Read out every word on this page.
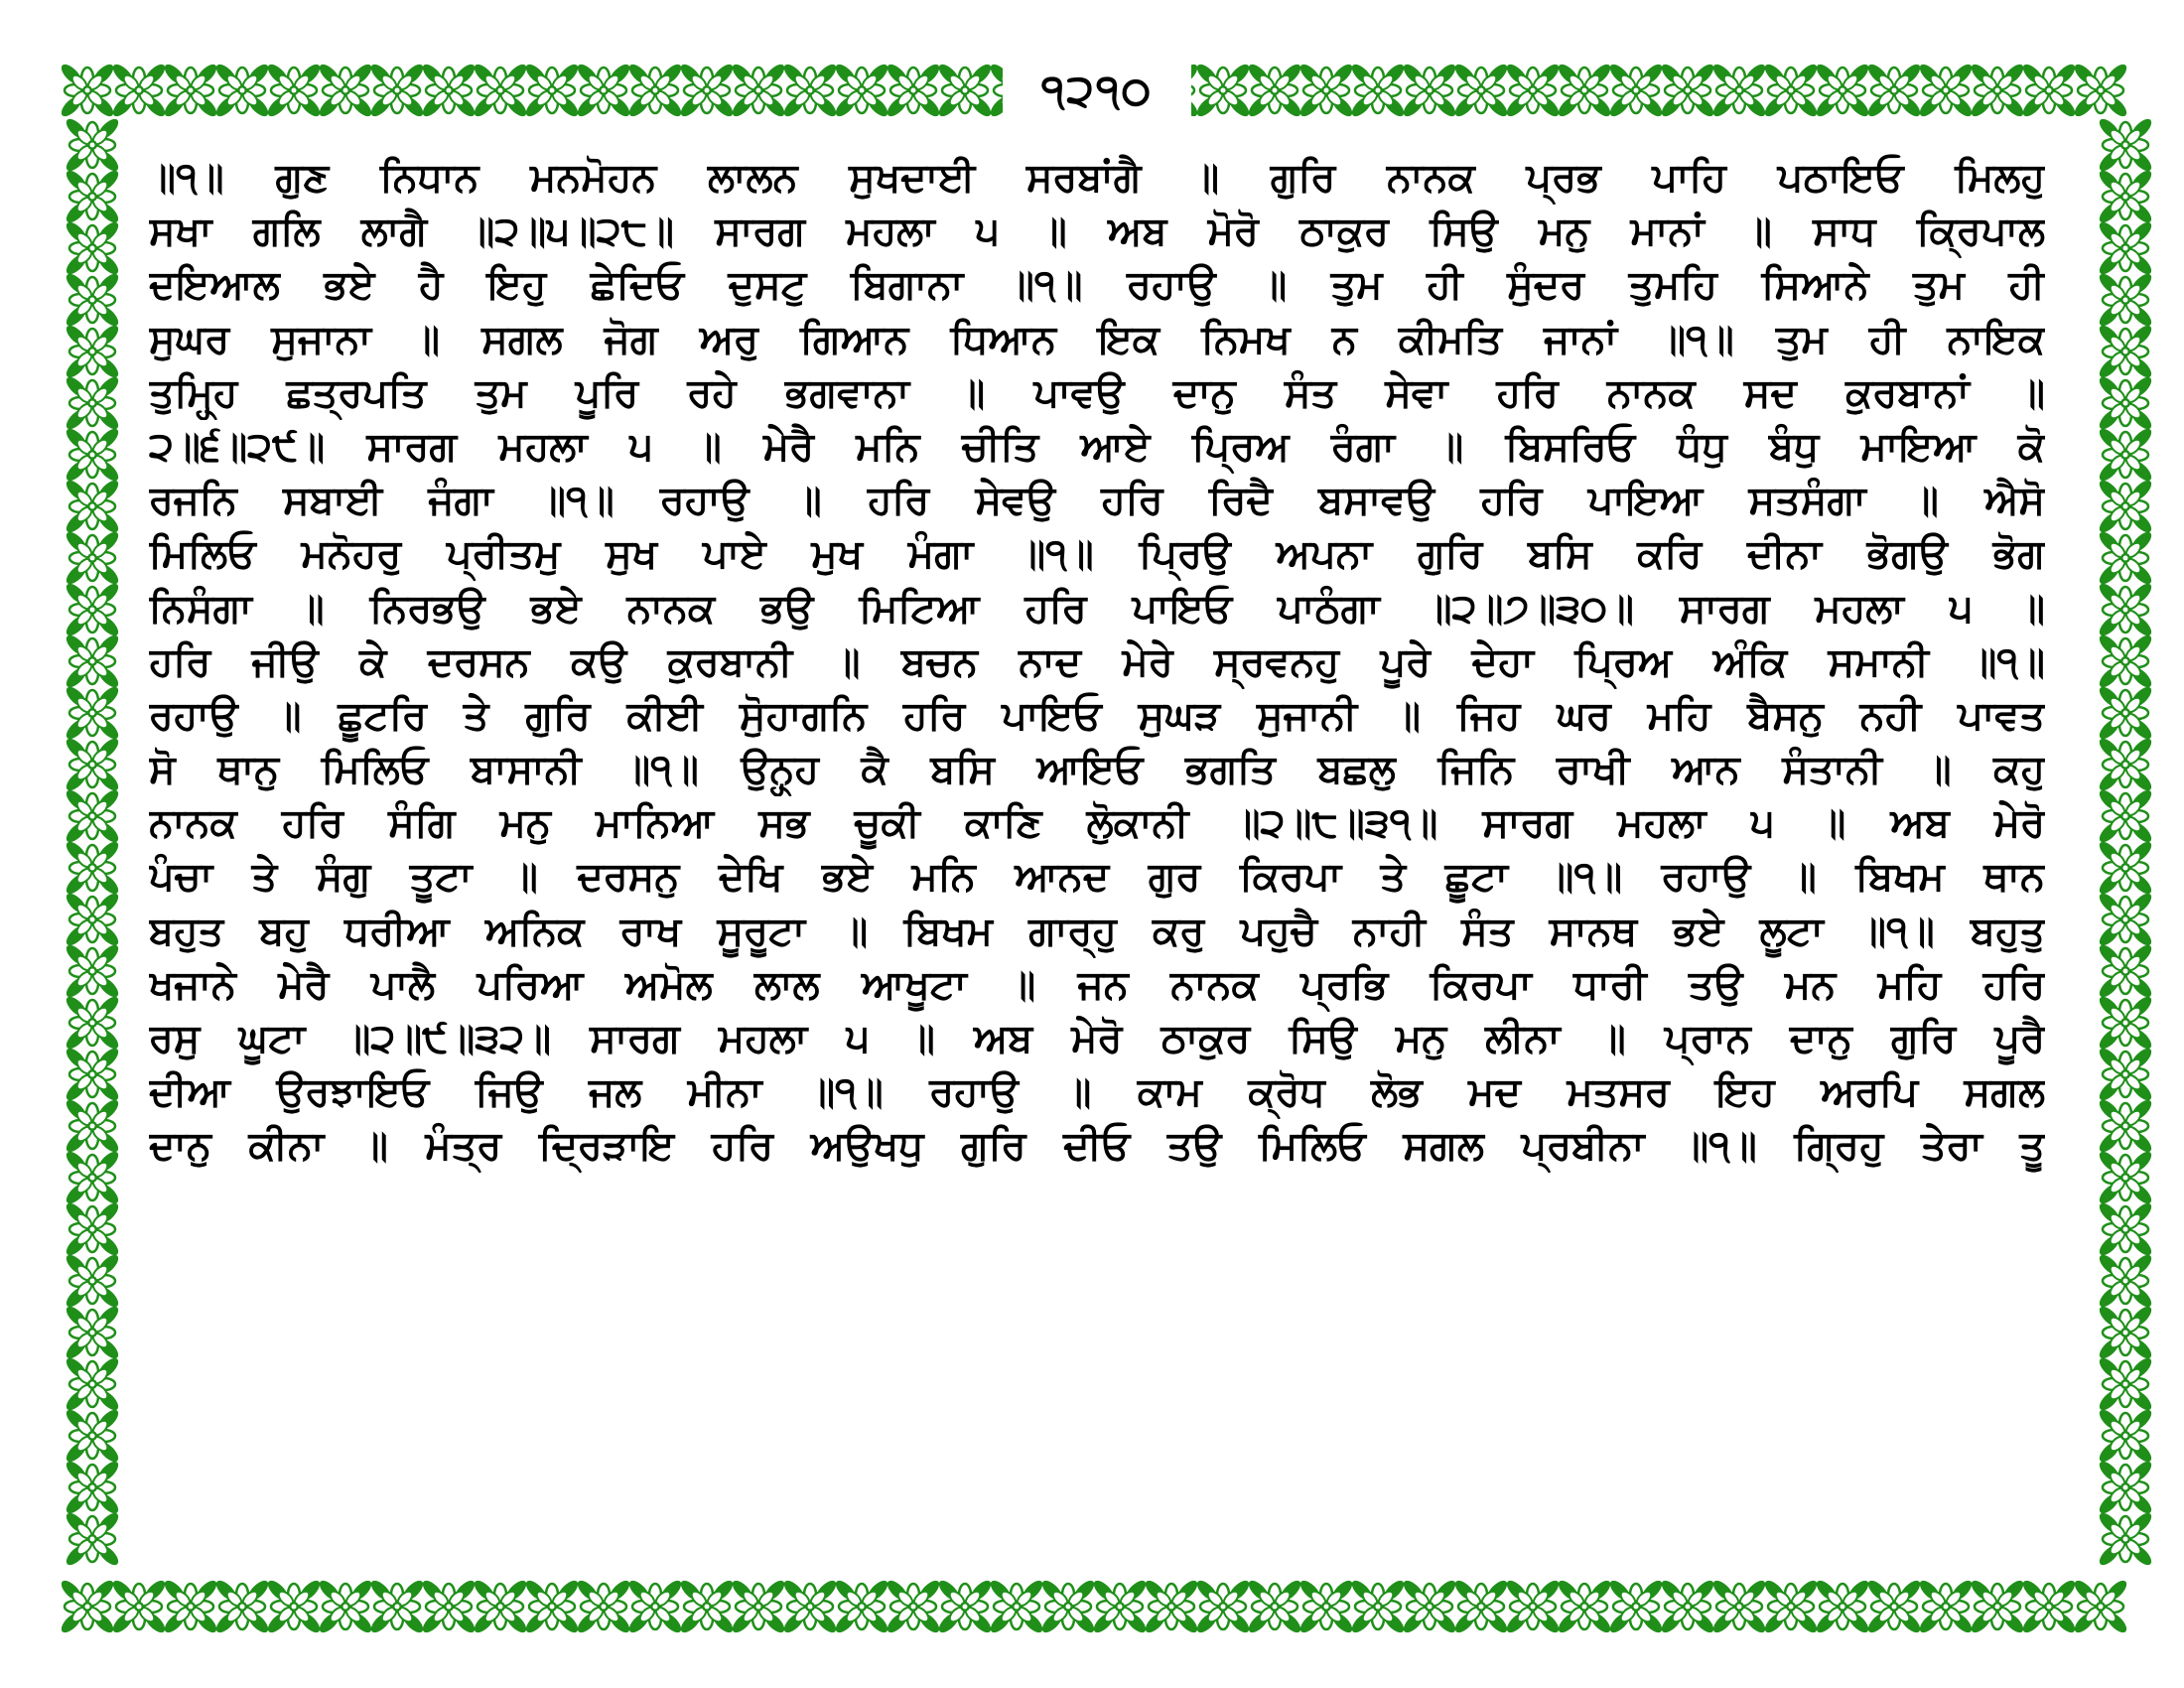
੧੨੧੦
॥੧॥ ਗੁਣ ਨਿਧਾਨ ਮਨਮੋਹਨ ਲਾਲਨ ਸੁਖਦਾਈ ਸਰਬਾਂਗੈ ॥ ਗੁਰਿ ਨਾਨਕ ਪ੍ਰਭ ਪਾਹਿ ਪਠਾਇਓ ਮਿਲਹੁ
ਸਖਾ ਗਲਿ ਲਾਗੈ ॥੨॥੫॥੨੮॥ ਸਾਰਗ ਮਹਲਾ ੫ ॥ ਅਬ ਮੋਰੋ ਠਾਕੁਰ ਸਿਉ ਮਨੁ ਮਾਨਾਂ ॥ ਸਾਧ ਕ੍ਰਿਪਾਲ
ਦਇਆਲ ਭਏ ਹੈ ਇਹੁ ਛੇਦਿਓ ਦੁਸਟੁ ਬਿਗਾਨਾ ॥੧॥ ਰਹਾਉ ॥ ਤੁਮ ਹੀ ਸੁੰਦਰ ਤੁਮਹਿ ਸਿਆਨੇ ਤੁਮ ਹੀ
ਸੁਘਰ ਸੁਜਾਨਾ ॥ ਸਗਲ ਜੋਗ ਅਰੁ ਗਿਆਨ ਧਿਆਨ ਇਕ ਨਿਮਖ ਨ ਕੀਮਤਿ ਜਾਨਾਂ ॥੧॥ ਤੁਮ ਹੀ ਨਾਇਕ
ਤੁਮ੍ਹ੍ਹਿ ਛਤ੍ਰਪਤਿ ਤੁਮ ਪੂਰਿ ਰਹੇ ਭਗਵਾਨਾ ॥ ਪਾਵਉ ਦਾਨੁ ਸੰਤ ਸੇਵਾ ਹਰਿ ਨਾਨਕ ਸਦ ਕੁਰਬਾਨਾਂ ॥
੨॥੬॥੨੯॥ ਸਾਰਗ ਮਹਲਾ ੫ ॥ ਮੇਰੈ ਮਨਿ ਚੀਤਿ ਆਏ ਪ੍ਰਿਅ ਰੰਗਾ ॥ ਬਿਸਰਿਓ ਧੰਧੁ ਬੰਧੁ ਮਾਇਆ ਕੋ
ਰਜਨਿ ਸਬਾਈ ਜੰਗਾ ॥੧॥ ਰਹਾਉ ॥ ਹਰਿ ਸੇਵਉ ਹਰਿ ਰਿਦੈ ਬਸਾਵਉ ਹਰਿ ਪਾਇਆ ਸਤਸੰਗਾ ॥ ਐਸੋ
ਮਿਲਿਓ ਮਨੋਹਰੁ ਪ੍ਰੀਤਮੁ ਸੁਖ ਪਾਏ ਮੁਖ ਮੰਗਾ ॥੧॥ ਪ੍ਰਿਉ ਅਪਨਾ ਗੁਰਿ ਬਸਿ ਕਰਿ ਦੀਨਾ ਭੋਗਉ ਭੋਗ
ਨਿਸੰਗਾ ॥ ਨਿਰਭਉ ਭਏ ਨਾਨਕ ਭਉ ਮਿਟਿਆ ਹਰਿ ਪਾਇਓ ਪਾਠੰਗਾ ॥੨॥੭॥੩੦॥ ਸਾਰਗ ਮਹਲਾ ੫ ॥
ਹਰਿ ਜੀਉ ਕੇ ਦਰਸਨ ਕਉ ਕੁਰਬਾਨੀ ॥ ਬਚਨ ਨਾਦ ਮੇਰੇ ਸ੍ਰਵਨਹੁ ਪੂਰੇ ਦੇਹਾ ਪ੍ਰਿਅ ਅੰਕਿ ਸਮਾਨੀ ॥੧॥
ਰਹਾਉ ॥ ਛੂਟਰਿ ਤੇ ਗੁਰਿ ਕੀਈ ਸੋੁਹਾਗਨਿ ਹਰਿ ਪਾਇਓ ਸੁਘੜ ਸੁਜਾਨੀ ॥ ਜਿਹ ਘਰ ਮਹਿ ਬੈਸਨੁ ਨਹੀ ਪਾਵਤ
ਸੋ ਥਾਨੁ ਮਿਲਿਓ ਬਾਸਾਨੀ ॥੧॥ ਉਨ੍ਹ੍ਹ ਕੈ ਬਸਿ ਆਇਓ ਭਗਤਿ ਬਛਲੁ ਜਿਨਿ ਰਾਖੀ ਆਨ ਸੰਤਾਨੀ ॥ ਕਹੁ
ਨਾਨਕ ਹਰਿ ਸੰਗਿ ਮਨੁ ਮਾਨਿਆ ਸਭ ਚੂਕੀ ਕਾਣਿ ਲੋੁਕਾਨੀ ॥੨॥੮॥੩੧॥ ਸਾਰਗ ਮਹਲਾ ੫ ॥ ਅਬ ਮੇਰੋ
ਪੰਚਾ ਤੇ ਸੰਗੁ ਤੂਟਾ ॥ ਦਰਸਨੁ ਦੇਖਿ ਭਏ ਮਨਿ ਆਨਦ ਗੁਰ ਕਿਰਪਾ ਤੇ ਛੂਟਾ ॥੧॥ ਰਹਾਉ ॥ ਬਿਖਮ ਥਾਨ
ਬਹੁਤ ਬਹੁ ਧਰੀਆ ਅਨਿਕ ਰਾਖ ਸੂਰੂਟਾ ॥ ਬਿਖਮ ਗਾਰ੍ਹੁ ਕਰੁ ਪਹੁਚੈ ਨਾਹੀ ਸੰਤ ਸਾਨਥ ਭਏ ਲੂਟਾ ॥੧॥ ਬਹੁਤੁ
ਖਜਾਨੇ ਮੇਰੈ ਪਾਲੈ ਪਰਿਆ ਅਮੋਲ ਲਾਲ ਆਖੂਟਾ ॥ ਜਨ ਨਾਨਕ ਪ੍ਰਭਿ ਕਿਰਪਾ ਧਾਰੀ ਤਉ ਮਨ ਮਹਿ ਹਰਿ
ਰਸੁ ਘੂਟਾ ॥੨॥੯॥੩੨॥ ਸਾਰਗ ਮਹਲਾ ੫ ॥ ਅਬ ਮੇਰੋ ਠਾਕੁਰ ਸਿਉ ਮਨੁ ਲੀਨਾ ॥ ਪ੍ਰਾਨ ਦਾਨੁ ਗੁਰਿ ਪੂਰੈ
ਦੀਆ ਉਰਝਾਇਓ ਜਿਉ ਜਲ ਮੀਨਾ ॥੧॥ ਰਹਾਉ ॥ ਕਾਮ ਕ੍ਰੋਧ ਲੋਭ ਮਦ ਮਤਸਰ ਇਹ ਅਰਪਿ ਸਗਲ
ਦਾਨੁ ਕੀਨਾ ॥ ਮੰਤ੍ਰ ਦ੍ਰਿੜਾਇ ਹਰਿ ਅਉਖਧੁ ਗੁਰਿ ਦੀਓ ਤਉ ਮਿਲਿਓ ਸਗਲ ਪ੍ਰਬੀਨਾ ॥੧॥ ਗ੍ਰਿਹੁ ਤੇਰਾ ਤੂ
